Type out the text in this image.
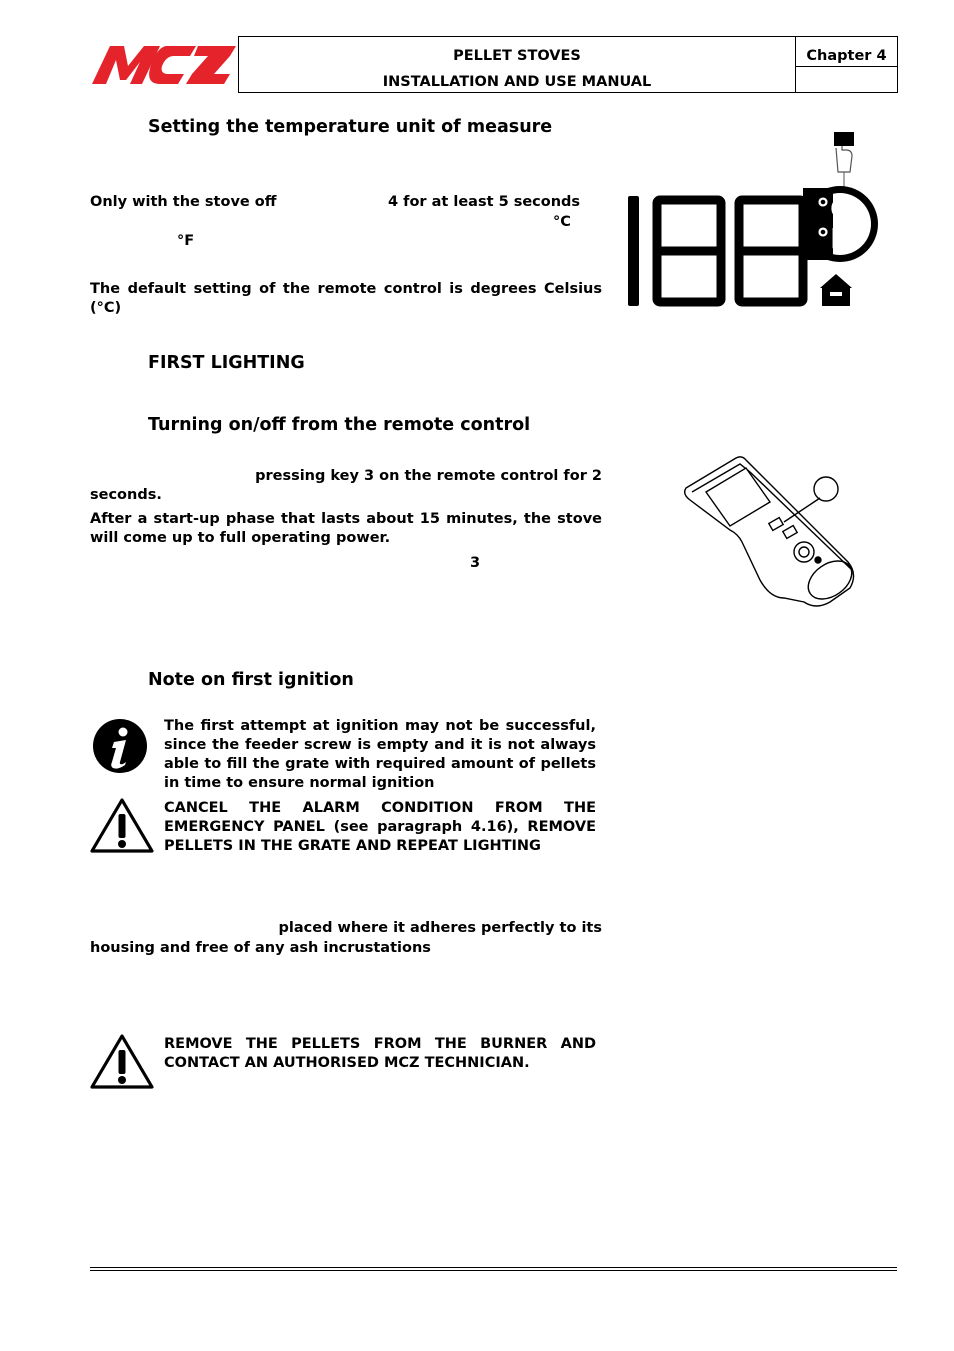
PELLET STOVES
INSTALLATION AND USE MANUAL
Chapter 4
Setting the temperature unit of measure
Only with the stove off	4 for at least 5 seconds
°C
°F
The default setting of the remote control is degrees Celsius (°C)
°C
°F
FIRST LIGHTING
Turning on/off from the remote control
pressing key 3 on the remote control for 2
seconds.
After a start-up phase that lasts about 15 minutes, the stove will come up to full operating power.
3
Note on first ignition
The first attempt at ignition may not be successful, since the feeder screw is empty and it is not always able to fill the grate with required amount of pellets in time to ensure normal ignition
CANCEL THE ALARM CONDITION FROM THE EMERGENCY PANEL (see paragraph 4.16), REMOVE PELLETS IN THE GRATE AND REPEAT LIGHTING
placed where it adheres perfectly to its
housing and free of any ash incrustations
REMOVE THE PELLETS FROM THE BURNER AND CONTACT AN AUTHORISED MCZ TECHNICIAN.
